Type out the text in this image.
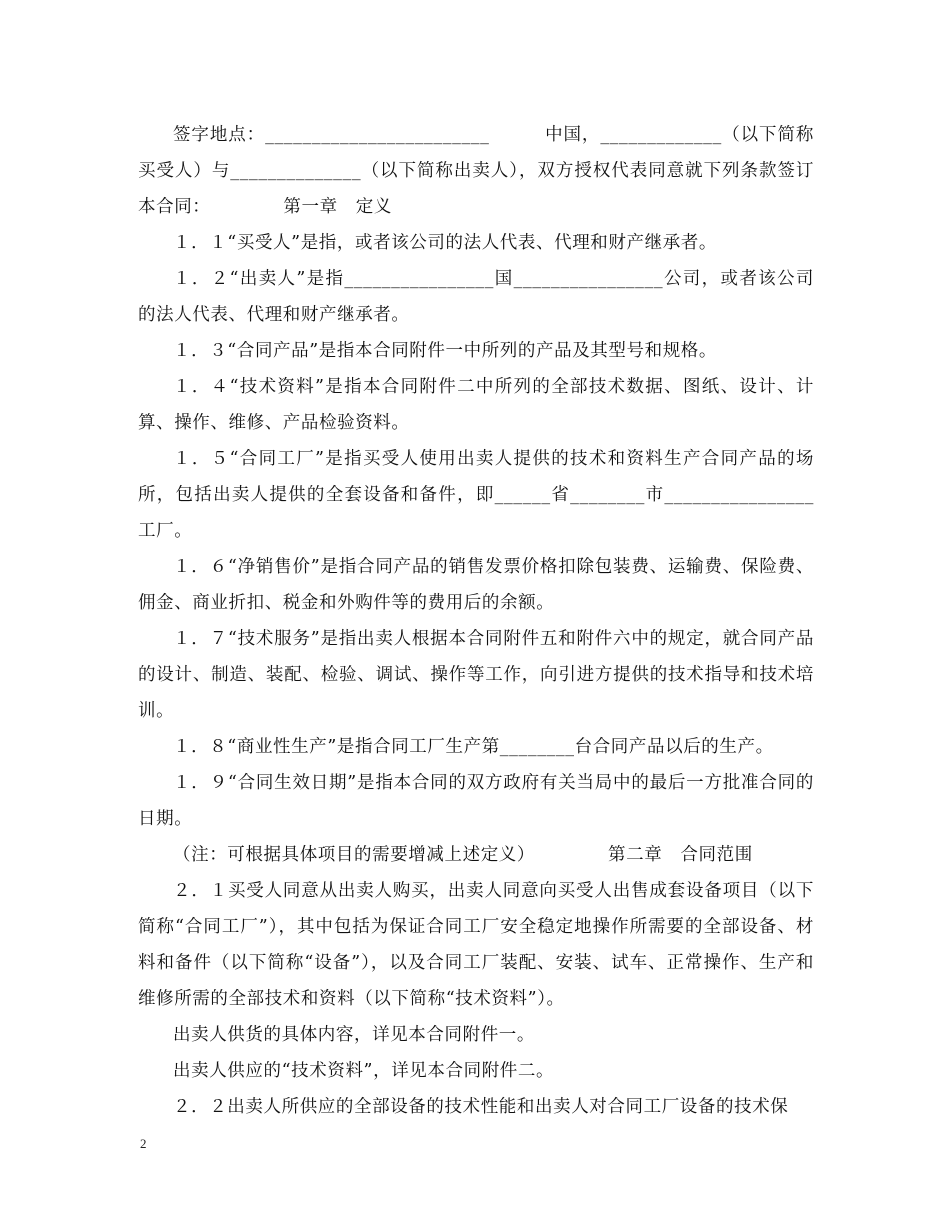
签字地点：________________________　　　中国，_____________（以下简称买受人）与______________（以下简称出卖人），双方授权代表同意就下列条款签订本合同：	第一章　定义

１．１“买受人”是指，或者该公司的法人代表、代理和财产继承者。

１．２“出卖人”是指________________国________________公司，或者该公司的法人代表、代理和财产继承者。

１．３“合同产品”是指本合同附件一中所列的产品及其型号和规格。

１．４“技术资料”是指本合同附件二中所列的全部技术数据、图纸、设计、计算、操作、维修、产品检验资料。

１．５“合同工厂”是指买受人使用出卖人提供的技术和资料生产合同产品的场所，包括出卖人提供的全套设备和备件，即______省________市________________工厂。

１．６“净销售价”是指合同产品的销售发票价格扣除包装费、运输费、保险费、佣金、商业折扣、税金和外购件等的费用后的余额。

１．７“技术服务”是指出卖人根据本合同附件五和附件六中的规定，就合同产品的设计、制造、装配、检验、调试、操作等工作，向引进方提供的技术指导和技术培训。

１．８“商业性生产”是指合同工厂生产第________台合同产品以后的生产。

１．９“合同生效日期”是指本合同的双方政府有关当局中的最后一方批准合同的日期。

（注：可根据具体项目的需要增减上述定义）	第二章　合同范围

２．１买受人同意从出卖人购买，出卖人同意向买受人出售成套设备项目（以下简称“合同工厂”），其中包括为保证合同工厂安全稳定地操作所需要的全部设备、材料和备件（以下简称“设备”），以及合同工厂装配、安装、试车、正常操作、生产和维修所需的全部技术和资料（以下简称“技术资料”）。

出卖人供货的具体内容，详见本合同附件一。

出卖人供应的“技术资料”，详见本合同附件二。

２．２出卖人所供应的全部设备的技术性能和出卖人对合同工厂设备的技术保

2
